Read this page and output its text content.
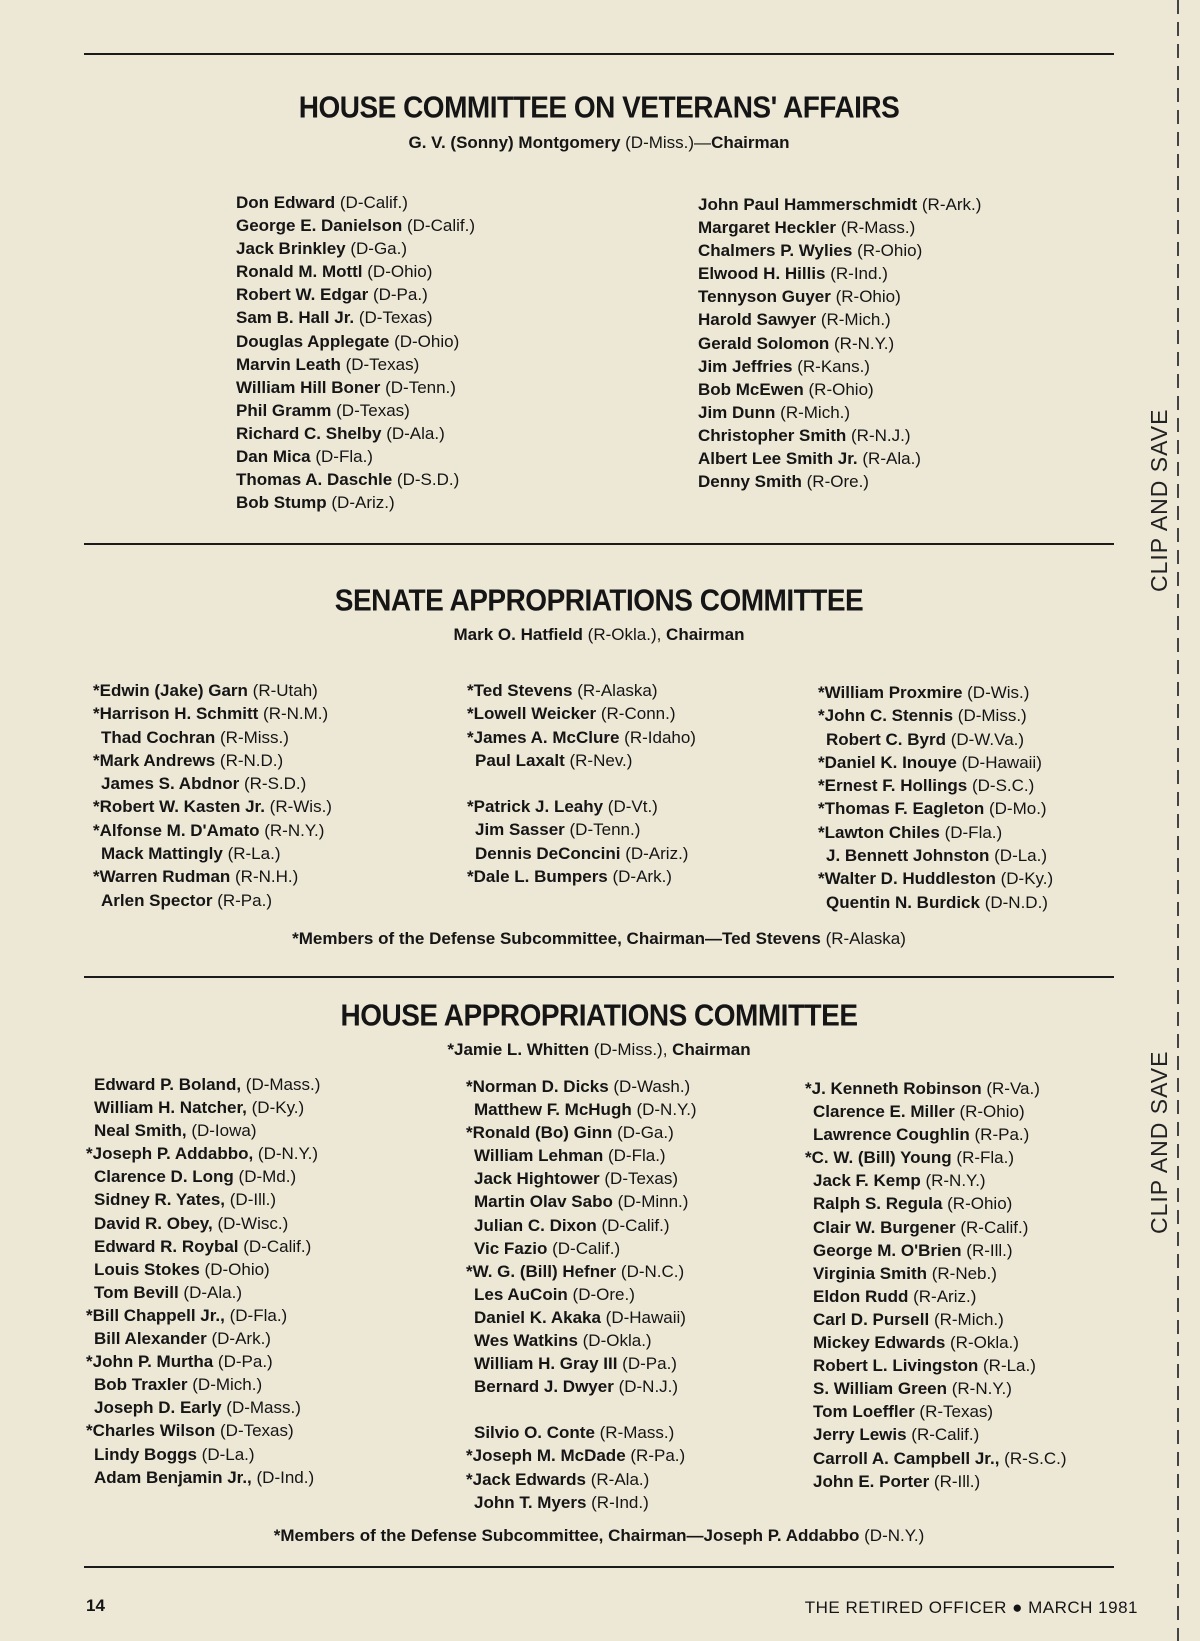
HOUSE COMMITTEE ON VETERANS' AFFAIRS
G. V. (Sonny) Montgomery (D-Miss.)—Chairman
Don Edward (D-Calif.)
George E. Danielson (D-Calif.)
Jack Brinkley (D-Ga.)
Ronald M. Mottl (D-Ohio)
Robert W. Edgar (D-Pa.)
Sam B. Hall Jr. (D-Texas)
Douglas Applegate (D-Ohio)
Marvin Leath (D-Texas)
William Hill Boner (D-Tenn.)
Phil Gramm (D-Texas)
Richard C. Shelby (D-Ala.)
Dan Mica (D-Fla.)
Thomas A. Daschle (D-S.D.)
Bob Stump (D-Ariz.)
John Paul Hammerschmidt (R-Ark.)
Margaret Heckler (R-Mass.)
Chalmers P. Wylies (R-Ohio)
Elwood H. Hillis (R-Ind.)
Tennyson Guyer (R-Ohio)
Harold Sawyer (R-Mich.)
Gerald Solomon (R-N.Y.)
Jim Jeffries (R-Kans.)
Bob McEwen (R-Ohio)
Jim Dunn (R-Mich.)
Christopher Smith (R-N.J.)
Albert Lee Smith Jr. (R-Ala.)
Denny Smith (R-Ore.)
SENATE APPROPRIATIONS COMMITTEE
Mark O. Hatfield (R-Okla.), Chairman
*Edwin (Jake) Garn (R-Utah)
*Harrison H. Schmitt (R-N.M.)
Thad Cochran (R-Miss.)
*Mark Andrews (R-N.D.)
James S. Abdnor (R-S.D.)
*Robert W. Kasten Jr. (R-Wis.)
*Alfonse M. D'Amato (R-N.Y.)
Mack Mattingly (R-La.)
*Warren Rudman (R-N.H.)
Arlen Spector (R-Pa.)
*Ted Stevens (R-Alaska)
*Lowell Weicker (R-Conn.)
*James A. McClure (R-Idaho)
Paul Laxalt (R-Nev.)
*Patrick J. Leahy (D-Vt.)
Jim Sasser (D-Tenn.)
Dennis DeConcini (D-Ariz.)
*Dale L. Bumpers (D-Ark.)
*William Proxmire (D-Wis.)
*John C. Stennis (D-Miss.)
Robert C. Byrd (D-W.Va.)
*Daniel K. Inouye (D-Hawaii)
*Ernest F. Hollings (D-S.C.)
*Thomas F. Eagleton (D-Mo.)
*Lawton Chiles (D-Fla.)
J. Bennett Johnston (D-La.)
*Walter D. Huddleston (D-Ky.)
Quentin N. Burdick (D-N.D.)
*Members of the Defense Subcommittee, Chairman—Ted Stevens (R-Alaska)
HOUSE APPROPRIATIONS COMMITTEE
*Jamie L. Whitten (D-Miss.), Chairman
Edward P. Boland, (D-Mass.)
William H. Natcher, (D-Ky.)
Neal Smith, (D-Iowa)
*Joseph P. Addabbo, (D-N.Y.)
Clarence D. Long (D-Md.)
Sidney R. Yates, (D-Ill.)
David R. Obey, (D-Wisc.)
Edward R. Roybal (D-Calif.)
Louis Stokes (D-Ohio)
Tom Bevill (D-Ala.)
*Bill Chappell Jr., (D-Fla.)
Bill Alexander (D-Ark.)
*John P. Murtha (D-Pa.)
Bob Traxler (D-Mich.)
Joseph D. Early (D-Mass.)
*Charles Wilson (D-Texas)
Lindy Boggs (D-La.)
Adam Benjamin Jr., (D-Ind.)
*Norman D. Dicks (D-Wash.)
Matthew F. McHugh (D-N.Y.)
*Ronald (Bo) Ginn (D-Ga.)
William Lehman (D-Fla.)
Jack Hightower (D-Texas)
Martin Olav Sabo (D-Minn.)
Julian C. Dixon (D-Calif.)
Vic Fazio (D-Calif.)
*W. G. (Bill) Hefner (D-N.C.)
Les AuCoin (D-Ore.)
Daniel K. Akaka (D-Hawaii)
Wes Watkins (D-Okla.)
William H. Gray III (D-Pa.)
Bernard J. Dwyer (D-N.J.)
Silvio O. Conte (R-Mass.)
*Joseph M. McDade (R-Pa.)
*Jack Edwards (R-Ala.)
John T. Myers (R-Ind.)
*J. Kenneth Robinson (R-Va.)
Clarence E. Miller (R-Ohio)
Lawrence Coughlin (R-Pa.)
*C. W. (Bill) Young (R-Fla.)
Jack F. Kemp (R-N.Y.)
Ralph S. Regula (R-Ohio)
Clair W. Burgener (R-Calif.)
George M. O'Brien (R-Ill.)
Virginia Smith (R-Neb.)
Eldon Rudd (R-Ariz.)
Carl D. Pursell (R-Mich.)
Mickey Edwards (R-Okla.)
Robert L. Livingston (R-La.)
S. William Green (R-N.Y.)
Tom Loeffler (R-Texas)
Jerry Lewis (R-Calif.)
Carroll A. Campbell Jr., (R-S.C.)
John E. Porter (R-Ill.)
*Members of the Defense Subcommittee, Chairman—Joseph P. Addabbo (D-N.Y.)
CLIP AND SAVE
CLIP AND SAVE
14	THE RETIRED OFFICER ● MARCH 1981
